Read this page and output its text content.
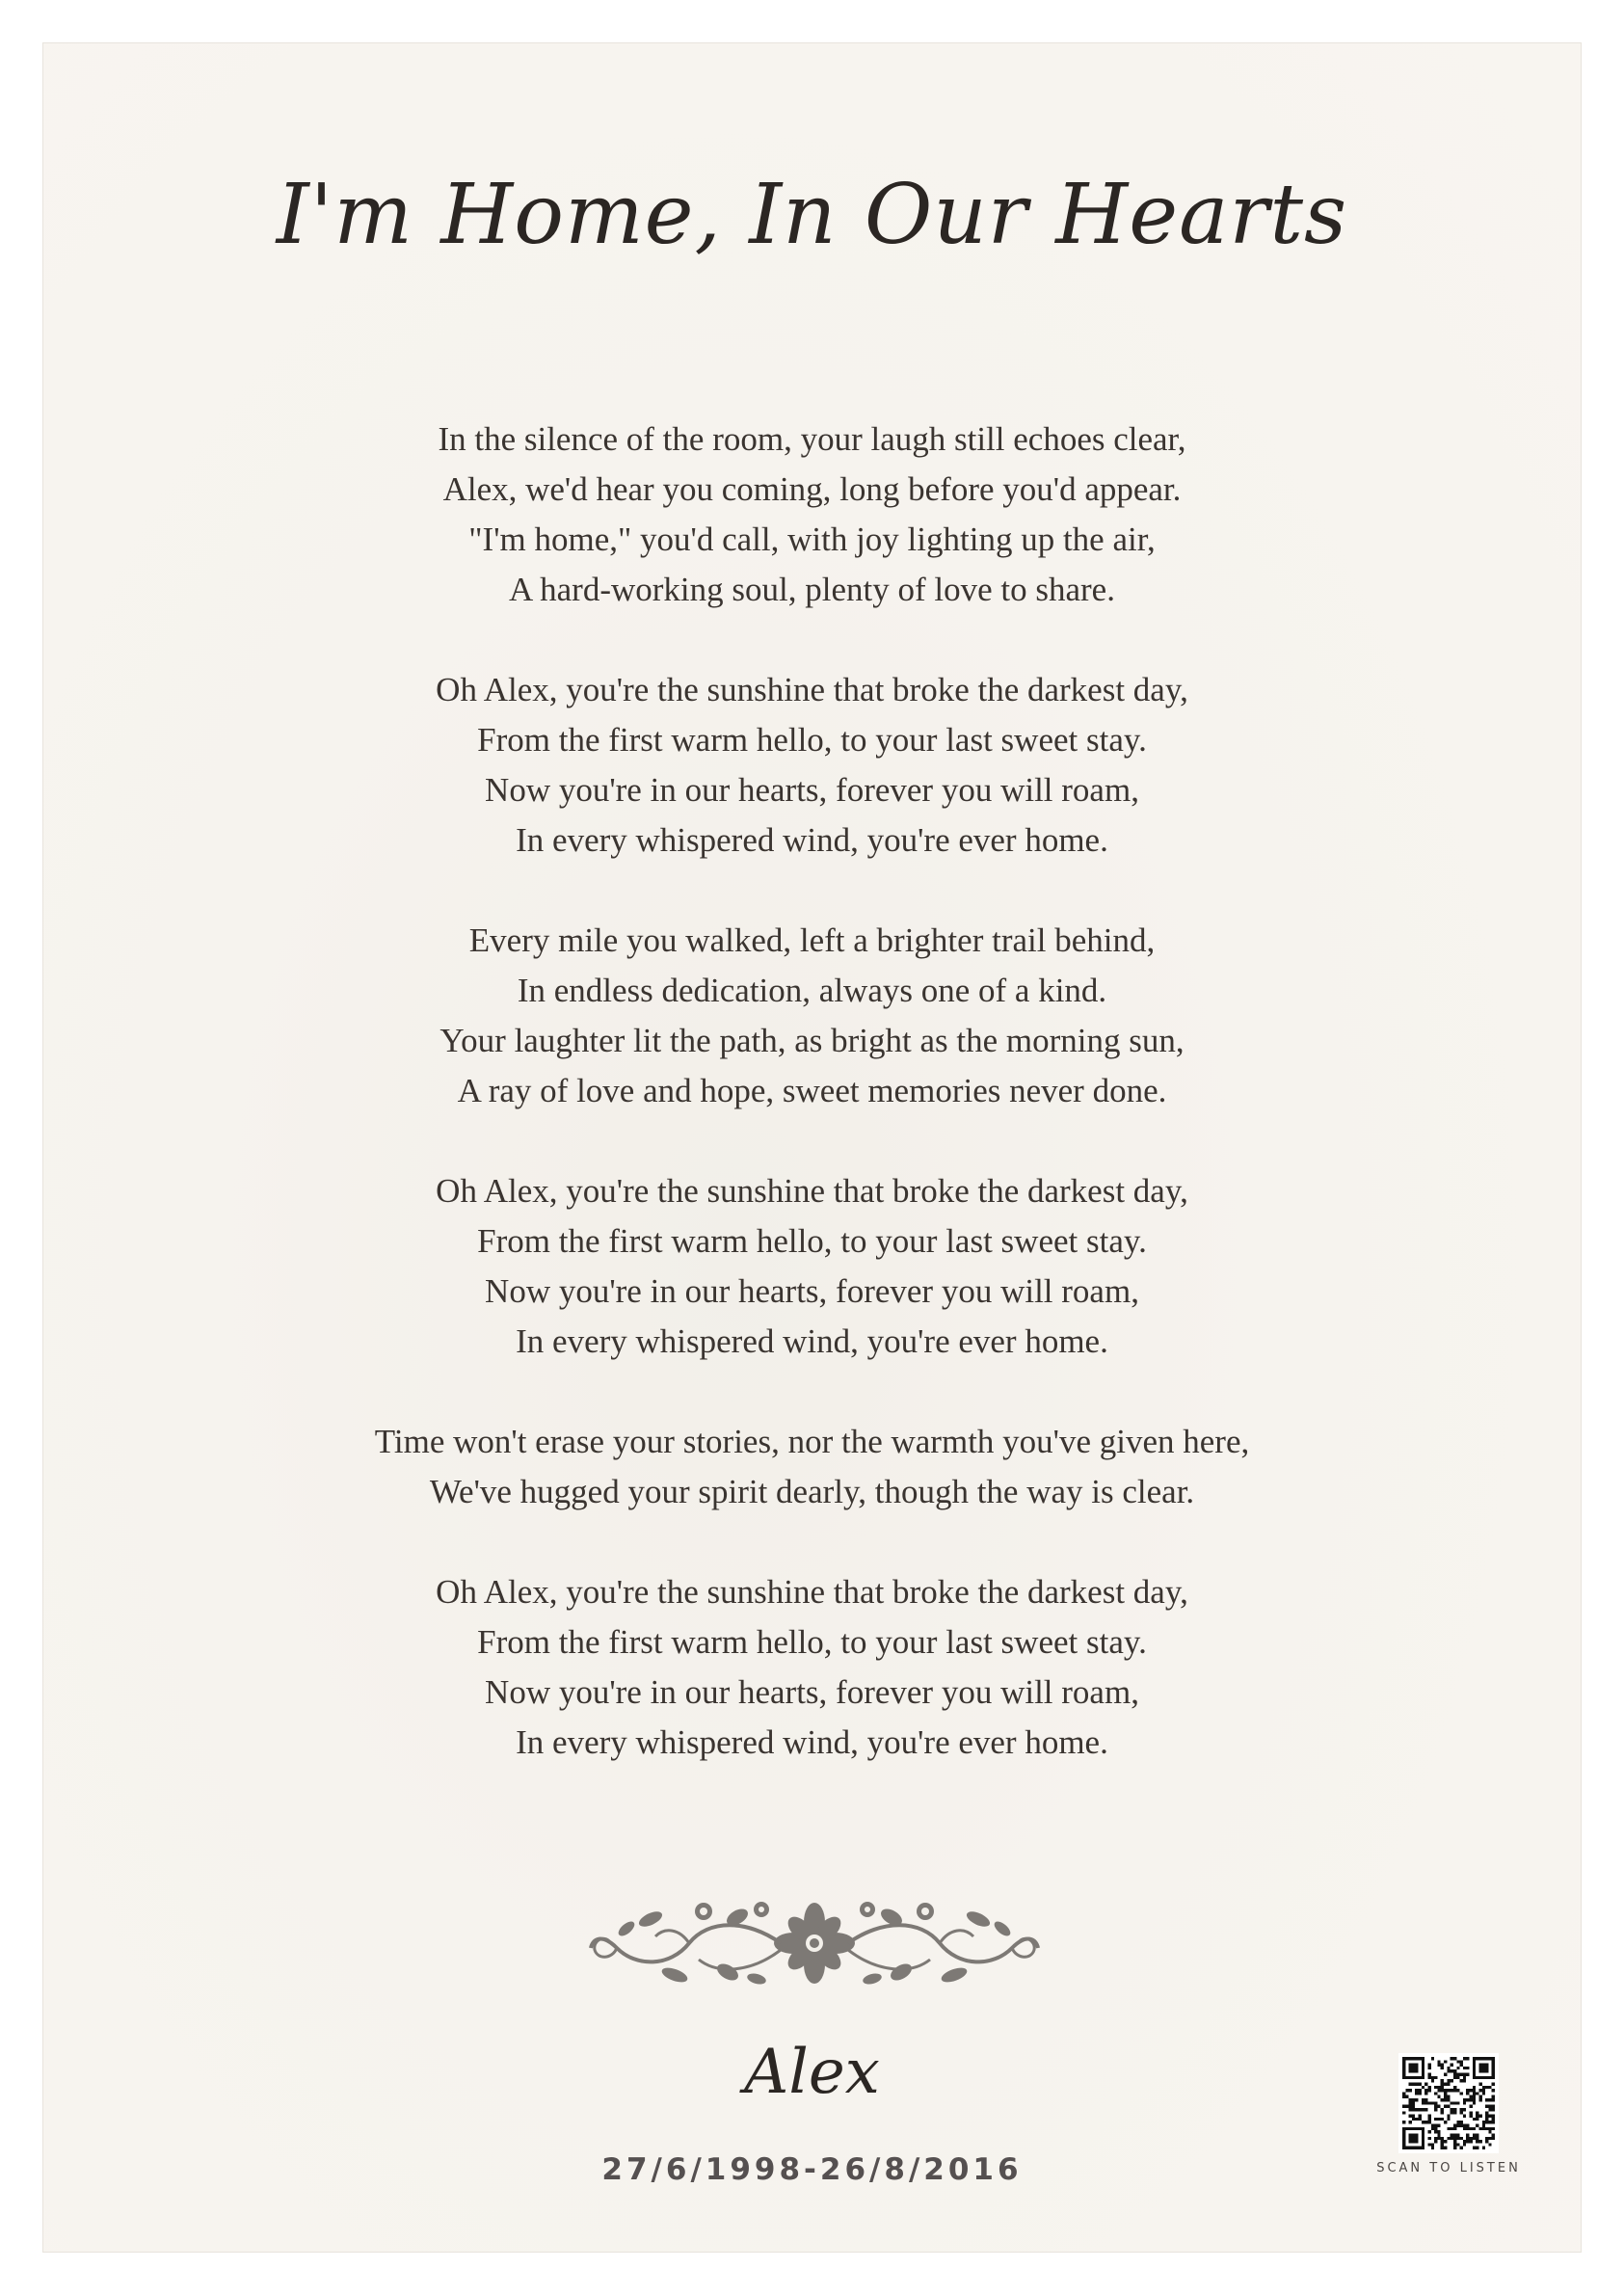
I'm Home, In Our Hearts
In the silence of the room, your laugh still echoes clear,
Alex, we'd hear you coming, long before you'd appear.
"I'm home," you'd call, with joy lighting up the air,
A hard-working soul, plenty of love to share.
Oh Alex, you're the sunshine that broke the darkest day,
From the first warm hello, to your last sweet stay.
Now you're in our hearts, forever you will roam,
In every whispered wind, you're ever home.
Every mile you walked, left a brighter trail behind,
In endless dedication, always one of a kind.
Your laughter lit the path, as bright as the morning sun,
A ray of love and hope, sweet memories never done.
Oh Alex, you're the sunshine that broke the darkest day,
From the first warm hello, to your last sweet stay.
Now you're in our hearts, forever you will roam,
In every whispered wind, you're ever home.
Time won't erase your stories, nor the warmth you've given here,
We've hugged your spirit dearly, though the way is clear.
Oh Alex, you're the sunshine that broke the darkest day,
From the first warm hello, to your last sweet stay.
Now you're in our hearts, forever you will roam,
In every whispered wind, you're ever home.
Alex
27/6/1998-26/8/2016	SCAN TO LISTEN
